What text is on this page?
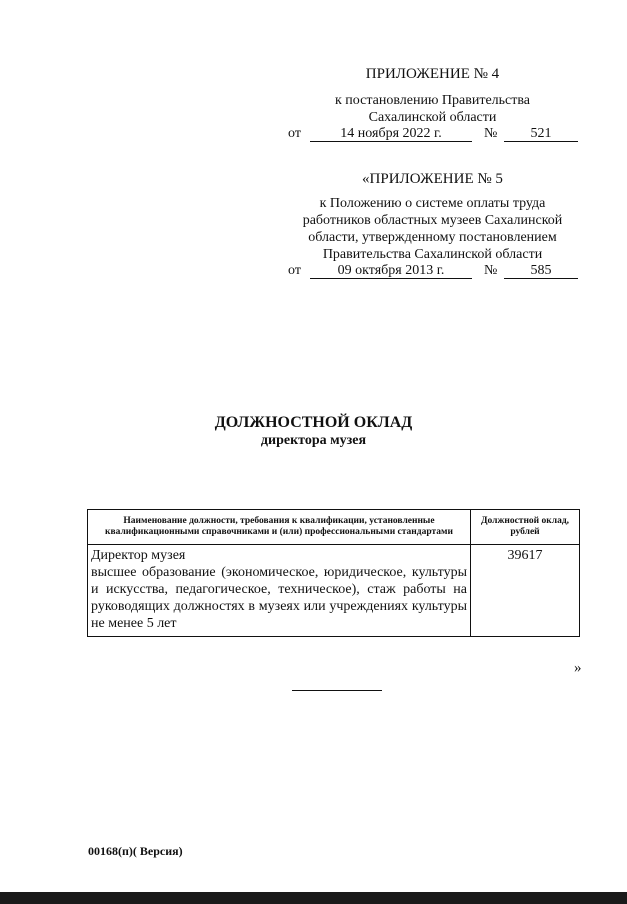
ПРИЛОЖЕНИЕ № 4
к постановлению Правительства
Сахалинской области
от	14 ноября 2022 г.	№	521
«ПРИЛОЖЕНИЕ № 5
к Положению о системе оплаты труда
работников областных музеев Сахалинской
области, утвержденному постановлением
Правительства Сахалинской области
от	09 октября 2013 г.	№	585
ДОЛЖНОСТНОЙ ОКЛАД
директора музея
Наименование должности, требования к квалификации, установленные квалификационными справочниками и (или) профессиональными стандартами	Должностной оклад, рублей

Директор музея
высшее образование (экономическое, юридическое, культуры и искусства, педагогическое, техническое), стаж работы на руководящих должностях в музеях или учреждениях культуры не менее 5 лет	39617
»
00168(п)( Версия)
